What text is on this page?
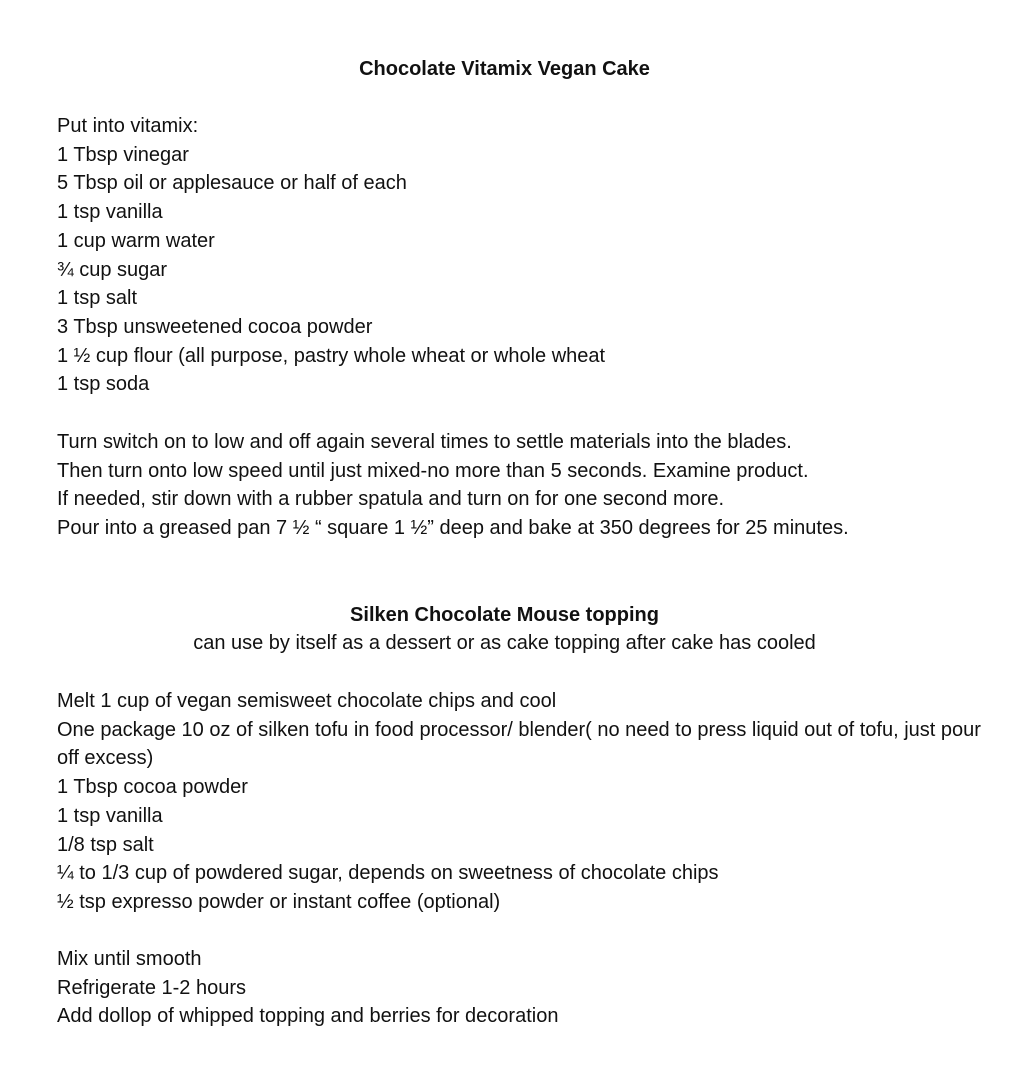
Chocolate Vitamix Vegan Cake
Put into vitamix:
1 Tbsp vinegar
5 Tbsp oil or applesauce or half of each
1 tsp vanilla
1 cup warm water
¾ cup sugar
1 tsp salt
3 Tbsp unsweetened cocoa powder
1 ½ cup flour (all purpose, pastry whole wheat or whole wheat
1 tsp soda
Turn switch on to low and off again several times to settle materials into the blades.
Then turn onto low speed until just mixed-no more than 5 seconds. Examine product.
If needed, stir down with a rubber spatula and turn on for one second more.
Pour into a greased pan 7 ½ “ square 1 ½” deep and bake at 350 degrees for 25 minutes.
Silken Chocolate Mouse topping
can use by itself as a dessert or as cake topping after cake has cooled
Melt 1 cup of vegan semisweet chocolate chips and cool
One package 10 oz of silken tofu in food processor/ blender( no need to press liquid out of tofu, just pour off excess)
1 Tbsp cocoa powder
1 tsp vanilla
1/8 tsp salt
¼ to 1/3 cup of powdered sugar, depends on sweetness of chocolate chips
½ tsp expresso powder or instant coffee (optional)
Mix until smooth
Refrigerate 1-2 hours
Add dollop of whipped topping and berries for decoration
